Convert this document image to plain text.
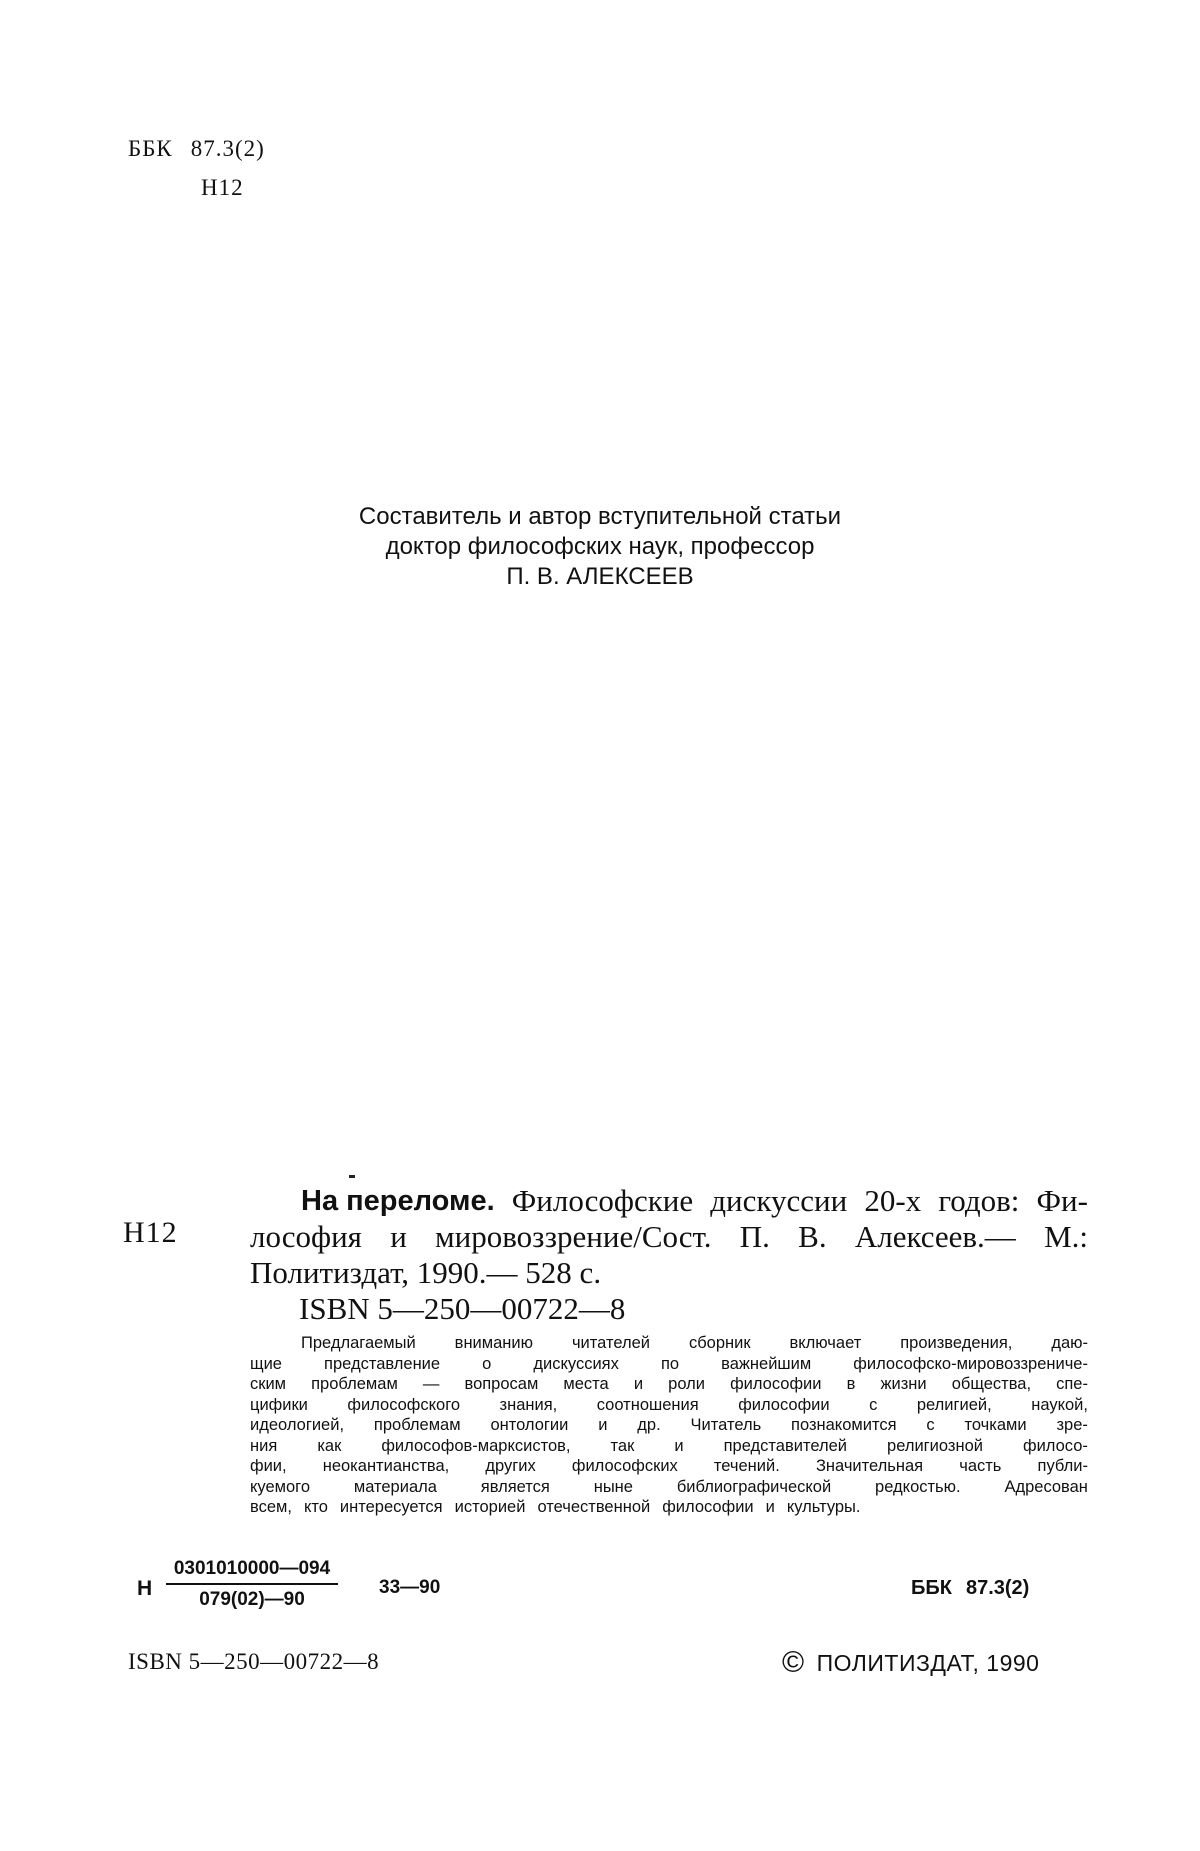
ББК 87.3(2)
Н12
Составитель и автор вступительной статьи
доктор философских наук, профессор
П. В. АЛЕКСЕЕВ
Н12
На переломе. Философские дискуссии 20-х годов: Фи-
лософия и мировоззрение/Сост. П. В. Алексеев.— М.:
Политиздат, 1990.— 528 с.
ISBN 5—250—00722—8
Предлагаемый вниманию читателей сборник включает произведения, даю-
щие	представление	о	дискуссиях	по	важнейшим	философско-мировоззрениче-
ским проблемам — вопросам места и роли философии в жизни общества, спе-
цифики философского знания, соотношения философии с религией, наукой,
идеологией, проблемам онтологии и др. Читатель познакомится с точками зре-
ния как философов-марксистов, так и представителей религиозной филосо-
фии, неокантианства, других философских течений. Значительная часть публи-
куемого	материала	является	ныне	библиографической	редкостью.	Адресован
всем, кто интересуется историей отечественной философии и культуры.
Н
0301010000—094
079(02)—90
33—90	ББК 87.3(2)
ISBN 5—250—00722—8	© ПОЛИТИЗДАТ, 1990
